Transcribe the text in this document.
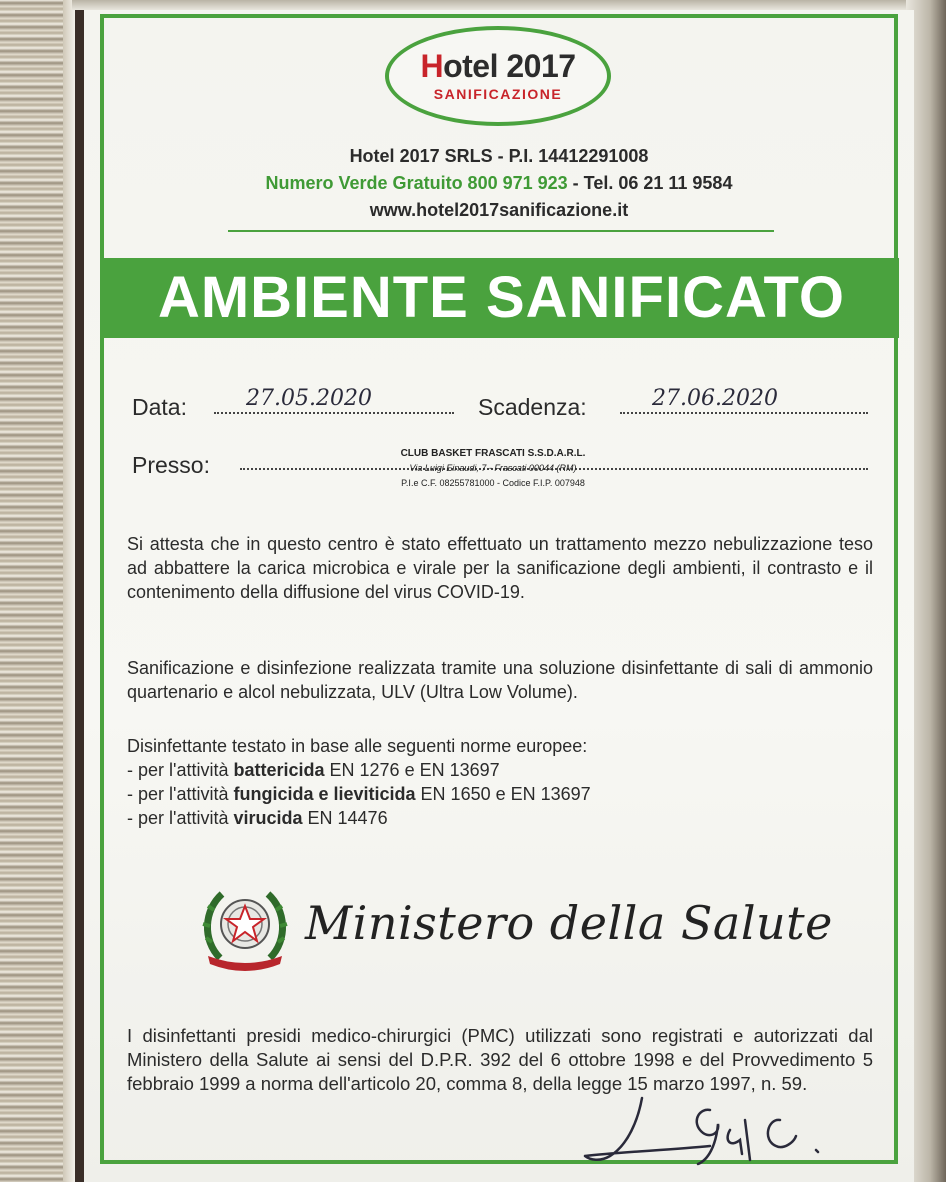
Hotel 2017
SANIFICAZIONE
Hotel 2017 SRLS - P.I. 14412291008
Numero Verde Gratuito 800 971 923 - Tel. 06 21 11 9584
www.hotel2017sanificazione.it
AMBIENTE SANIFICATO
Data:	27.05.2020	Scadenza:	27.06.2020
Presso:	CLUB BASKET FRASCATI S.S.D.A.R.L.
Via Luigi Einaudi, 7 - Frascati 00044 (RM)
P.I.e C.F. 08255781000 - Codice F.I.P. 007948
Si attesta che in questo centro è stato effettuato un trattamento mezzo nebulizzazione teso ad abbattere la carica microbica e virale per la sanificazione degli ambienti, il contrasto e il contenimento della diffusione del virus COVID-19.
Sanificazione e disinfezione realizzata tramite una soluzione disinfettante di sali di ammonio quartenario e alcol nebulizzata, ULV (Ultra Low Volume).
Disinfettante testato in base alle seguenti norme europee:
- per l'attività battericida EN 1276 e EN 13697
- per l'attività fungicida e lieviticida EN 1650 e EN 13697
- per l'attività virucida EN 14476
Ministero della Salute
I disinfettanti presidi medico-chirurgici (PMC) utilizzati sono registrati e autorizzati dal Ministero della Salute ai sensi del D.P.R. 392 del 6 ottobre 1998 e del Provvedimento 5 febbraio 1999 a norma dell'articolo 20, comma 8, della legge 15 marzo 1997, n. 59.
